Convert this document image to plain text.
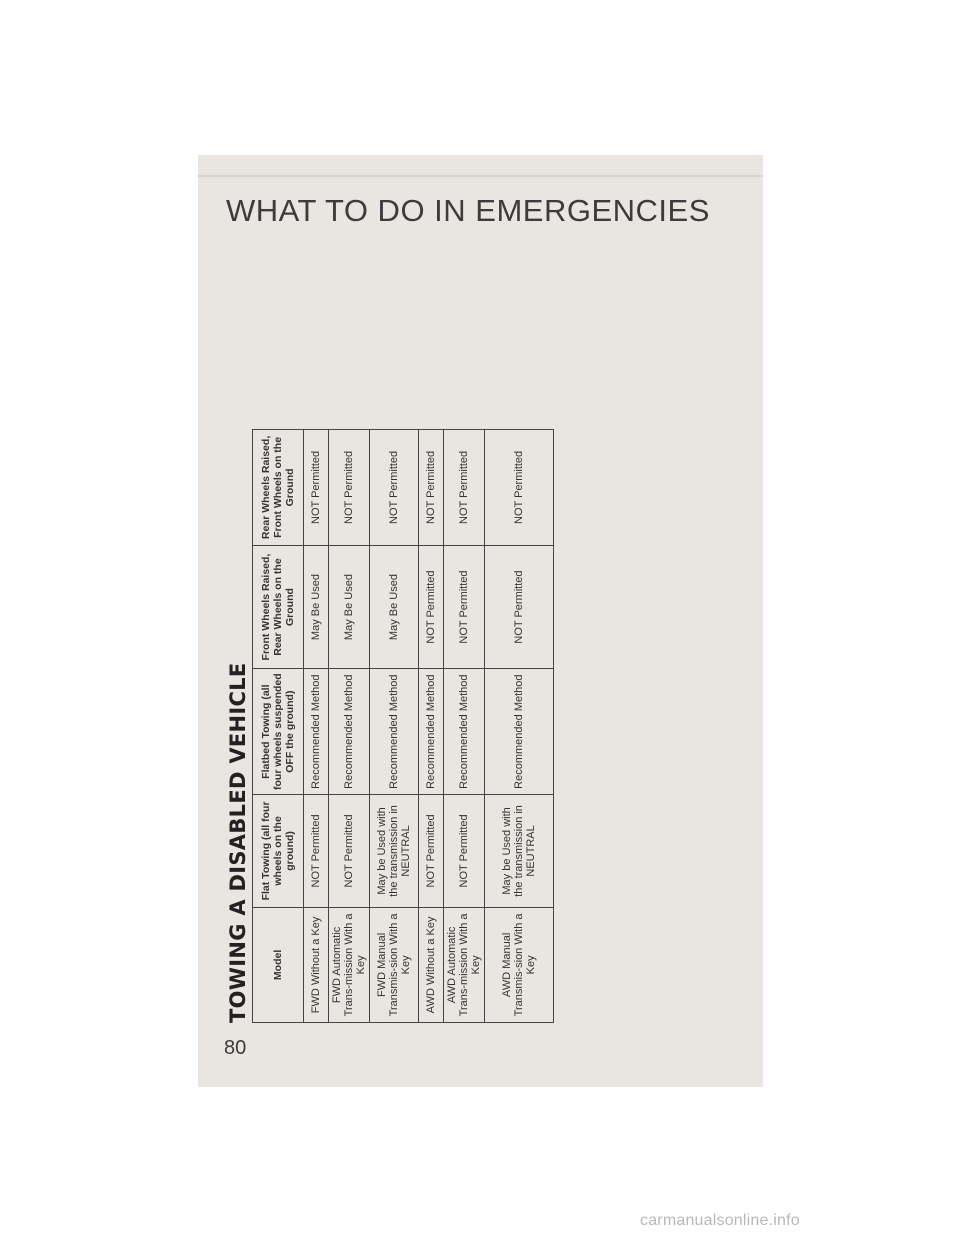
WHAT TO DO IN EMERGENCIES
TOWING A DISABLED VEHICLE Model	Flat Towing (all four wheels on the ground)	Flatbed Towing (all four wheels suspended OFF the ground)	Front Wheels Raised, Rear Wheels on the Ground	Rear Wheels Raised, Front Wheels on the Ground
FWD Without a Key	NOT Permitted	Recommended Method	May Be Used	NOT Permitted
FWD Automatic Trans-mission With a Key	NOT Permitted	Recommended Method	May Be Used	NOT Permitted
FWD Manual Transmis-sion With a Key	May be Used with the transmission in NEUTRAL	Recommended Method	May Be Used	NOT Permitted
AWD Without a Key	NOT Permitted	Recommended Method	NOT Permitted	NOT Permitted
AWD Automatic Trans-mission With a Key	NOT Permitted	Recommended Method	NOT Permitted	NOT Permitted
AWD Manual Transmis-sion With a Key	May be Used with the transmission in NEUTRAL	Recommended Method	NOT Permitted	NOT Permitted
80
carmanualsonline.info
